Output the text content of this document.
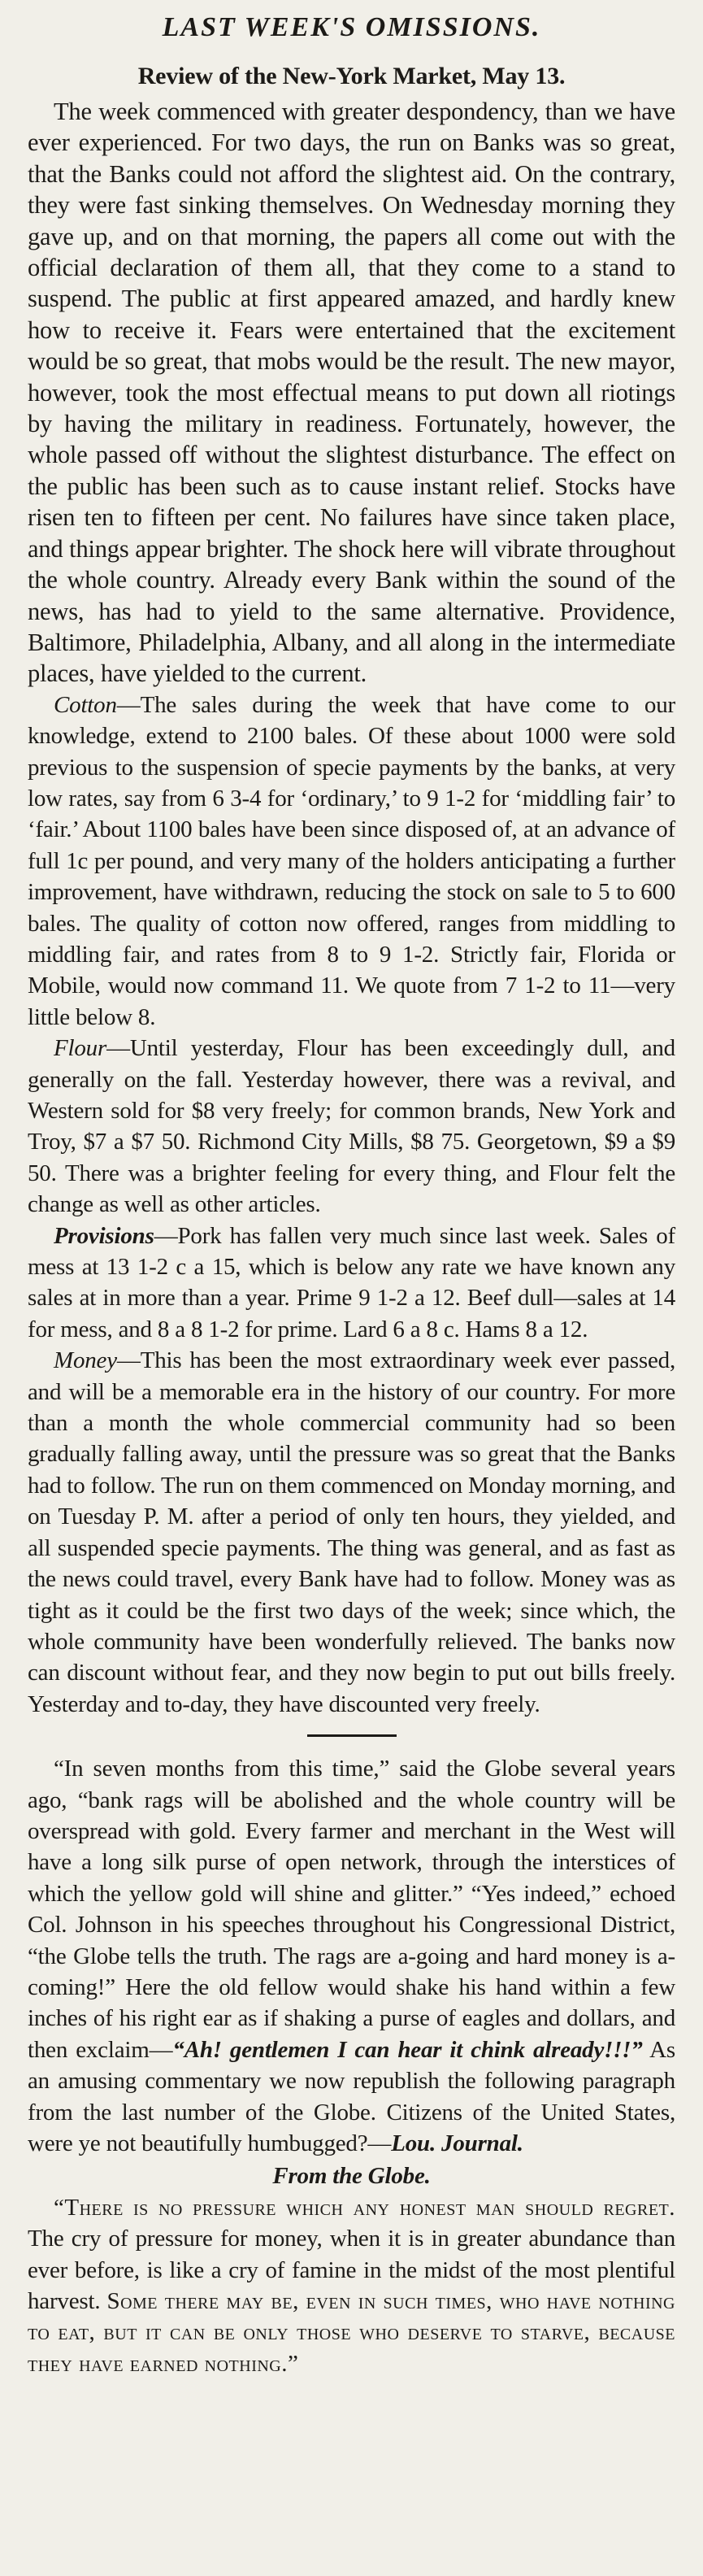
LAST WEEK'S OMISSIONS.
Review of the New-York Market, May 13.

The week commenced with greater despondency, than we have ever experienced. For two days, the run on Banks was so great, that the Banks could not afford the slightest aid. On the contrary, they were fast sinking themselves. On Wednesday morning they gave up, and on that morning, the papers all come out with the official declaration of them all, that they come to a stand to suspend. The public at first appeared amazed, and hardly knew how to receive it. Fears were entertained that the excitement would be so great, that mobs would be the result. The new mayor, however, took the most effectual means to put down all riotings by having the military in readiness. Fortunately, however, the whole passed off without the slightest disturbance. The effect on the public has been such as to cause instant relief. Stocks have risen ten to fifteen per cent. No failures have since taken place, and things appear brighter. The shock here will vibrate throughout the whole country. Already every Bank within the sound of the news, has had to yield to the same alternative. Providence, Baltimore, Philadelphia, Albany, and all along in the intermediate places, have yielded to the current.

Cotton—The sales during the week that have come to our knowledge, extend to 2100 bales. Of these about 1000 were sold previous to the suspension of specie payments by the banks, at very low rates, say from 6 3-4 for ‘ordinary,’ to 9 1-2 for ‘middling fair’ to ‘fair.’ About 1100 bales have been since disposed of, at an advance of full 1c per pound, and very many of the holders anticipating a further improvement, have withdrawn, reducing the stock on sale to 5 to 600 bales. The quality of cotton now offered, ranges from middling to middling fair, and rates from 8 to 9 1-2. Strictly fair, Florida or Mobile, would now command 11. We quote from 7 1-2 to 11—very little below 8.

Flour—Until yesterday, Flour has been exceedingly dull, and generally on the fall. Yesterday however, there was a revival, and Western sold for $8 very freely; for common brands, New York and Troy, $7 a $7 50. Richmond City Mills, $8 75. Georgetown, $9 a $9 50. There was a brighter feeling for every thing, and Flour felt the change as well as other articles.

Provisions—Pork has fallen very much since last week. Sales of mess at 13 1-2 c a 15, which is below any rate we have known any sales at in more than a year. Prime 9 1-2 a 12. Beef dull—sales at 14 for mess, and 8 a 8 1-2 for prime. Lard 6 a 8 c. Hams 8 a 12.

Money—This has been the most extraordinary week ever passed, and will be a memorable era in the history of our country. For more than a month the whole commercial community had so been gradually falling away, until the pressure was so great that the Banks had to follow. The run on them commenced on Monday morning, and on Tuesday P. M. after a period of only ten hours, they yielded, and all suspended specie payments. The thing was general, and as fast as the news could travel, every Bank have had to follow. Money was as tight as it could be the first two days of the week; since which, the whole community have been wonderfully relieved. The banks now can discount without fear, and they now begin to put out bills freely. Yesterday and to-day, they have discounted very freely.

“In seven months from this time,” said the Globe several years ago, “bank rags will be abolished and the whole country will be overspread with gold. Every farmer and merchant in the West will have a long silk purse of open network, through the interstices of which the yellow gold will shine and glitter.” “Yes indeed,” echoed Col. Johnson in his speeches throughout his Congressional District, “the Globe tells the truth. The rags are a-going and hard money is a-coming!” Here the old fellow would shake his hand within a few inches of his right ear as if shaking a purse of eagles and dollars, and then exclaim—“Ah! gentlemen I can hear it chink already!!!” As an amusing commentary we now republish the following paragraph from the last number of the Globe. Citizens of the United States, were ye not beautifully humbugged?—Lou. Journal.

From the Globe.

“There is no pressure which any honest man should regret. The cry of pressure for money, when it is in greater abundance than ever before, is like a cry of famine in the midst of the most plentiful harvest. Some there may be, even in such times, who have nothing to eat, but it can be only those who deserve to starve, because they have earned nothing.”
